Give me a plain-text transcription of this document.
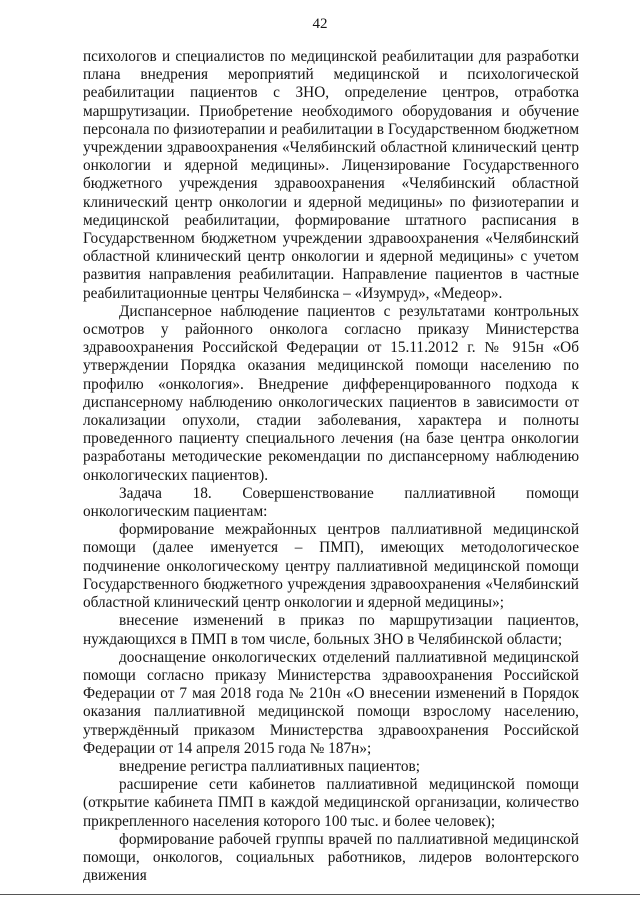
42

психологов и специалистов по медицинской реабилитации для разработки плана внедрения мероприятий медицинской и психологической реабилитации пациентов с ЗНО, определение центров, отработка маршрутизации. Приобретение необходимого оборудования и обучение персонала по физиотерапии и реабилитации в Государственном бюджетном учреждении здравоохранения «Челябинский областной клинический центр онкологии и ядерной медицины». Лицензирование Государственного бюджетного учреждения здравоохранения «Челябинский областной клинический центр онкологии и ядерной медицины» по физиотерапии и медицинской реабилитации, формирование штатного расписания в Государственном бюджетном учреждении здравоохранения «Челябинский областной клинический центр онкологии и ядерной медицины» с учетом развития направления реабилитации. Направление пациентов в частные реабилитационные центры Челябинска – «Изумруд», «Медеор».

Диспансерное наблюдение пациентов с результатами контрольных осмотров у районного онколога согласно приказу Министерства здравоохранения Российской Федерации от 15.11.2012 г. № 915н «Об утверждении Порядка оказания медицинской помощи населению по профилю «онкология». Внедрение дифференцированного подхода к диспансерному наблюдению онкологических пациентов в зависимости от локализации опухоли, стадии заболевания, характера и полноты проведенного пациенту специального лечения (на базе центра онкологии разработаны методические рекомендации по диспансерному наблюдению онкологических пациентов).

Задача 18. Совершенствование паллиативной помощи онкологическим пациентам:

формирование межрайонных центров паллиативной медицинской помощи (далее именуется – ПМП), имеющих методологическое подчинение онкологическому центру паллиативной медицинской помощи Государственного бюджетного учреждения здравоохранения «Челябинский областной клинический центр онкологии и ядерной медицины»;

внесение изменений в приказ по маршрутизации пациентов, нуждающихся в ПМП в том числе, больных ЗНО в Челябинской области;

дооснащение онкологических отделений паллиативной медицинской помощи согласно приказу Министерства здравоохранения Российской Федерации от 7 мая 2018 года № 210н «О внесении изменений в Порядок оказания паллиативной медицинской помощи взрослому населению, утверждённый приказом Министерства здравоохранения Российской Федерации от 14 апреля 2015 года № 187н»;

внедрение регистра паллиативных пациентов;

расширение сети кабинетов паллиативной медицинской помощи (открытие кабинета ПМП в каждой медицинской организации, количество прикрепленного населения которого 100 тыс. и более человек);

формирование рабочей группы врачей по паллиативной медицинской помощи, онкологов, социальных работников, лидеров волонтерского движения
